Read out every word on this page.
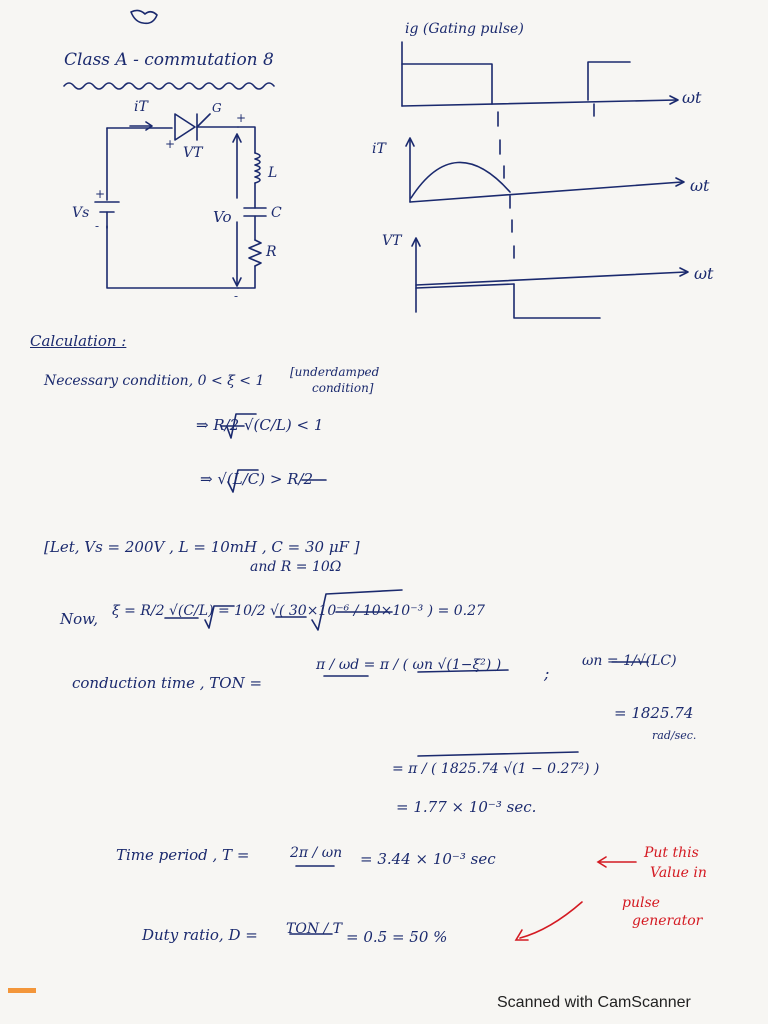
Class A - commutation 8
iT	G
+
+
VT
Vs
+
-
L
C
R
Vo
-
ig (Gating pulse)
iT
VT
ωt
ωt
ωt
Calculation :
Necessary condition, 0 < ξ < 1
[underdamped
condition]
⇒ R/2 √(C/L) < 1
⇒ √(L/C) > R/2
[Let, Vs = 200V , L = 10mH , C = 30 μF ]
and R = 10Ω
Now, ξ = R/2 √(C/L) = 10/2 √( 30×10⁻⁶ / 10×10⁻³ ) = 0.27
conduction time , TON =
π / ωd = π / ( ωn √(1−ξ²) )	;
ωn = 1/√(LC)
= 1825.74
rad/sec.
= π / ( 1825.74 √(1 − 0.27²) )
= 1.77 × 10⁻³ sec.
Time period , T =	2π / ωn = 3.44 × 10⁻³ sec
Duty ratio, D = TON / T = 0.5 = 50 %
Put this
Value in
pulse
generator
Scanned with CamScanner
